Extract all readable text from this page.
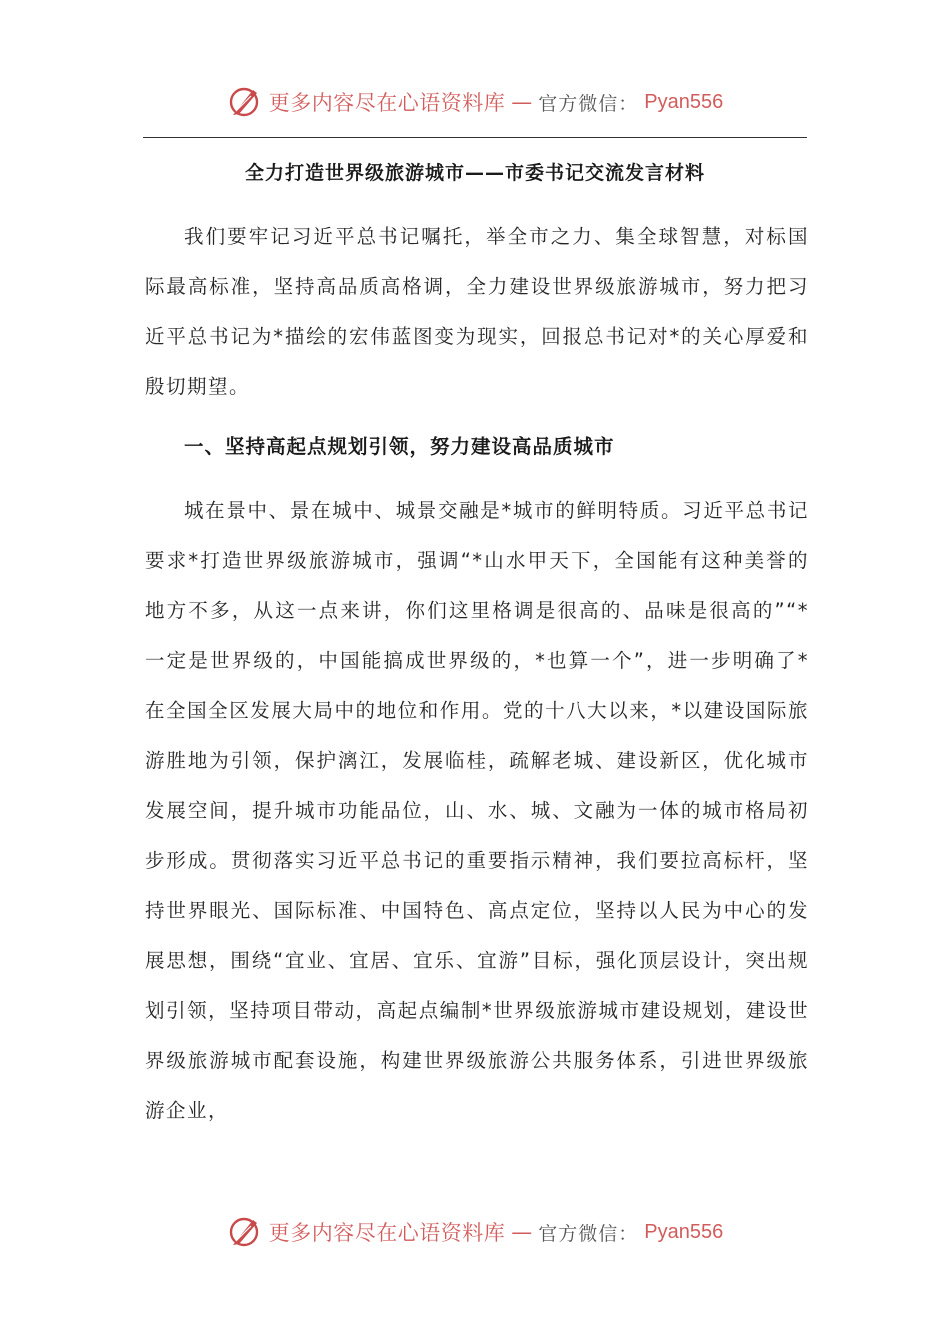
更多内容尽在心语资料库 — 官方微信： Pyan556
全力打造世界级旅游城市——市委书记交流发言材料

我们要牢记习近平总书记嘱托，举全市之力、集全球智慧，对标国际最高标准，坚持高品质高格调，全力建设世界级旅游城市，努力把习近平总书记为*描绘的宏伟蓝图变为现实，回报总书记对*的关心厚爱和殷切期望。

一、坚持高起点规划引领，努力建设高品质城市

城在景中、景在城中、城景交融是*城市的鲜明特质。习近平总书记要求*打造世界级旅游城市，强调“*山水甲天下，全国能有这种美誉的地方不多，从这一点来讲，你们这里格调是很高的、品味是很高的”“*一定是世界级的，中国能搞成世界级的，*也算一个”，进一步明确了*在全国全区发展大局中的地位和作用。党的十八大以来，*以建设国际旅游胜地为引领，保护漓江，发展临桂，疏解老城、建设新区，优化城市发展空间，提升城市功能品位，山、水、城、文融为一体的城市格局初步形成。贯彻落实习近平总书记的重要指示精神，我们要拉高标杆，坚持世界眼光、国际标准、中国特色、高点定位，坚持以人民为中心的发展思想，围绕“宜业、宜居、宜乐、宜游”目标，强化顶层设计，突出规划引领，坚持项目带动，高起点编制*世界级旅游城市建设规划，建设世界级旅游城市配套设施，构建世界级旅游公共服务体系，引进世界级旅游企业，

更多内容尽在心语资料库 — 官方微信： Pyan556
